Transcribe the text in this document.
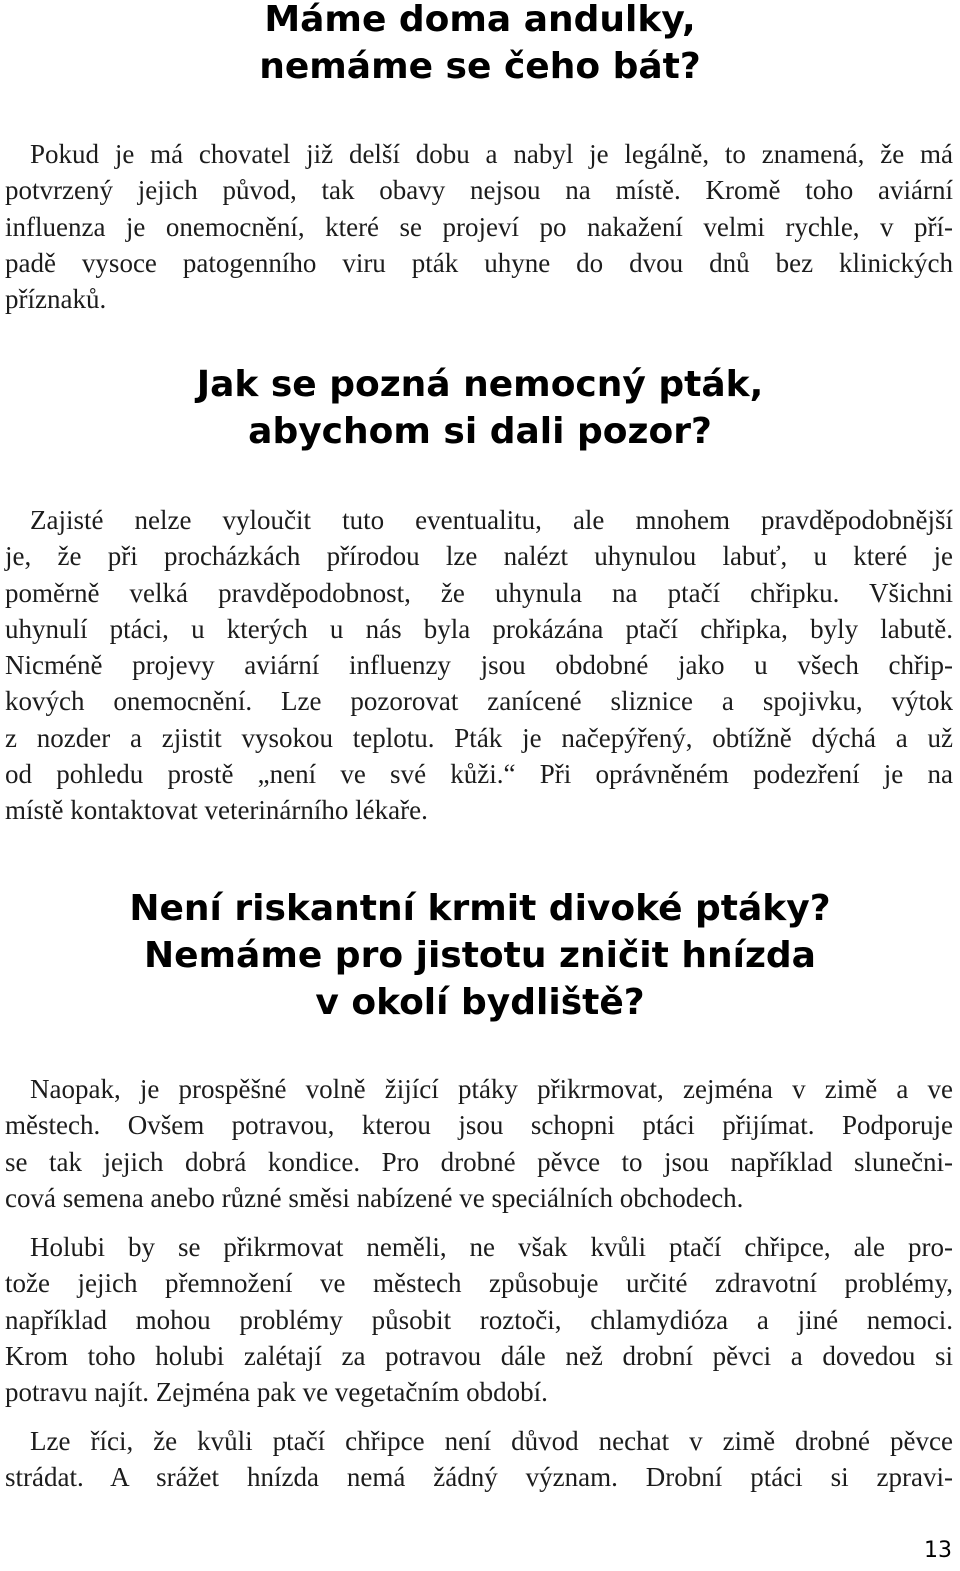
Máme doma andulky,
nemáme se čeho bát?

Pokud je má chovatel již delší dobu a nabyl je legálně, to znamená, že má
potvrzený jejich původ, tak obavy nejsou na místě. Kromě toho aviární
influenza je onemocnění, které se projeví po nakažení velmi rychle, v pří-
padě vysoce patogenního viru pták uhyne do dvou dnů bez klinických
příznaků.

Jak se pozná nemocný pták,
abychom si dali pozor?

Zajisté nelze vyloučit tuto eventualitu, ale mnohem pravděpodobnější
je, že při procházkách přírodou lze nalézt uhynulou labuť, u které je
poměrně velká pravděpodobnost, že uhynula na ptačí chřipku. Všichni
uhynulí ptáci, u kterých u nás byla prokázána ptačí chřipka, byly labutě.
Nicméně projevy aviární influenzy jsou obdobné jako u všech chřip-
kových onemocnění. Lze pozorovat zanícené sliznice a spojivku, výtok
z nozder a zjistit vysokou teplotu. Pták je načepýřený, obtížně dýchá a už
od pohledu prostě „není ve své kůži.“ Při oprávněném podezření je na
místě kontaktovat veterinárního lékaře.

Není riskantní krmit divoké ptáky?
Nemáme pro jistotu zničit hnízda
v okolí bydliště?

Naopak, je prospěšné volně žijící ptáky přikrmovat, zejména v zimě a ve
městech. Ovšem potravou, kterou jsou schopni ptáci přijímat. Podporuje
se tak jejich dobrá kondice. Pro drobné pěvce to jsou například slunečni-
cová semena anebo různé směsi nabízené ve speciálních obchodech.

Holubi by se přikrmovat neměli, ne však kvůli ptačí chřipce, ale pro-
tože jejich přemnožení ve městech způsobuje určité zdravotní problémy,
například mohou problémy působit roztoči, chlamydióza a jiné nemoci.
Krom toho holubi zalétají za potravou dále než drobní pěvci a dovedou si
potravu najít. Zejména pak ve vegetačním období.

Lze říci, že kvůli ptačí chřipce není důvod nechat v zimě drobné pěvce
strádat. A srážet hnízda nemá žádný význam. Drobní ptáci si zpravi-

13
